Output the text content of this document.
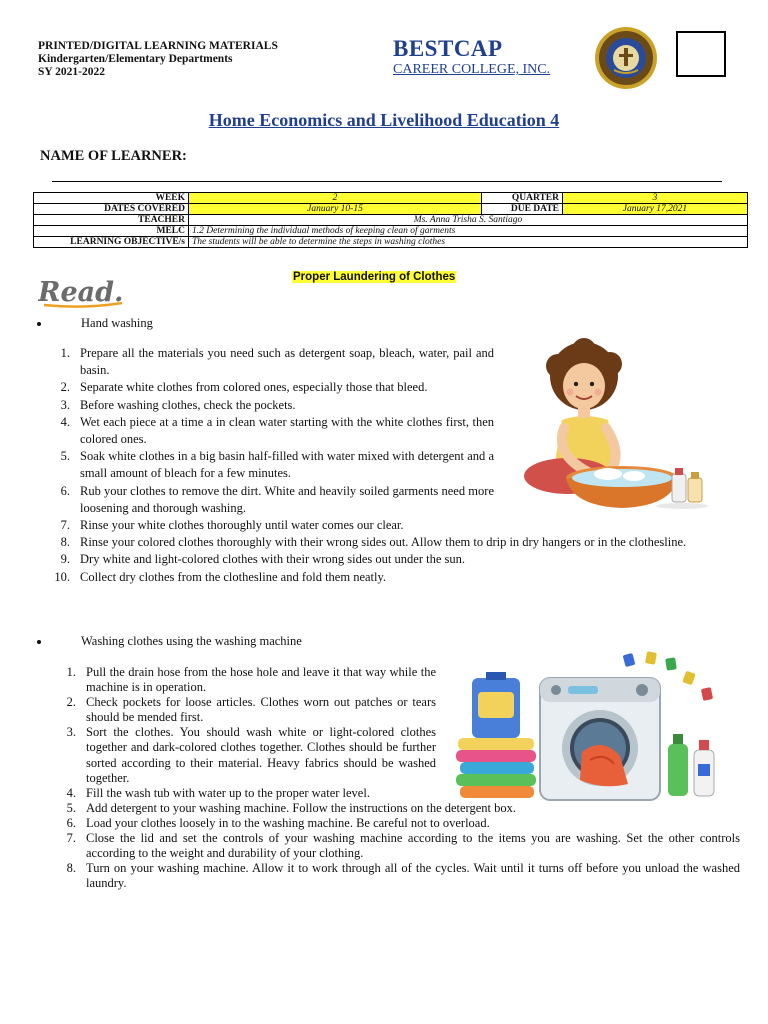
PRINTED/DIGITAL LEARNING MATERIALS
Kindergarten/Elementary Departments
SY 2021-2022
BESTCAP
CAREER COLLEGE, INC.
Home Economics and Livelihood Education 4
NAME OF LEARNER:
WEEK	2	QUARTER	3
DATES COVERED	January 10-15	DUE DATE	January 17,2021
TEACHER	Ms. Anna Trisha S. Santiago		
MELC	1.2 Determining the individual methods of keeping clean of garments		
LEARNING OBJECTIVE/s	The students will be able to determine the steps in washing clothes		
Read.	Proper Laundering of Clothes
Hand washing
1. Prepare all the materials you need such as detergent soap, bleach, water, pail and basin.
2. Separate white clothes from colored ones, especially those that bleed.
3. Before washing clothes, check the pockets.
4. Wet each piece at a time a in clean water starting with the white clothes first, then colored ones.
5. Soak white clothes in a big basin half-filled with water mixed with detergent and a small amount of bleach for a few minutes.
6. Rub your clothes to remove the dirt. White and heavily soiled garments need more loosening and thorough washing.
7. Rinse your white clothes thoroughly until water comes our clear.
8. Rinse your colored clothes thoroughly with their wrong sides out. Allow them to drip in dry hangers or in the clothesline.
9. Dry white and light-colored clothes with their wrong sides out under the sun.
10. Collect dry clothes from the clothesline and fold them neatly.
Washing clothes using the washing machine
1. Pull the drain hose from the hose hole and leave it that way while the machine is in operation.
2. Check pockets for loose articles. Clothes worn out patches or tears should be mended first.
3. Sort the clothes. You should wash white or light-colored clothes together and dark-colored clothes together. Clothes should be further sorted according to their material. Heavy fabrics should be washed together.
4. Fill the wash tub with water up to the proper water level.
5. Add detergent to your washing machine. Follow the instructions on the detergent box.
6. Load your clothes loosely in to the washing machine. Be careful not to overload.
7. Close the lid and set the controls of your washing machine according to the items you are washing. Set the other controls according to the weight and durability of your clothing.
8. Turn on your washing machine. Allow it to work through all of the cycles. Wait until it turns off before you unload the washed laundry.
